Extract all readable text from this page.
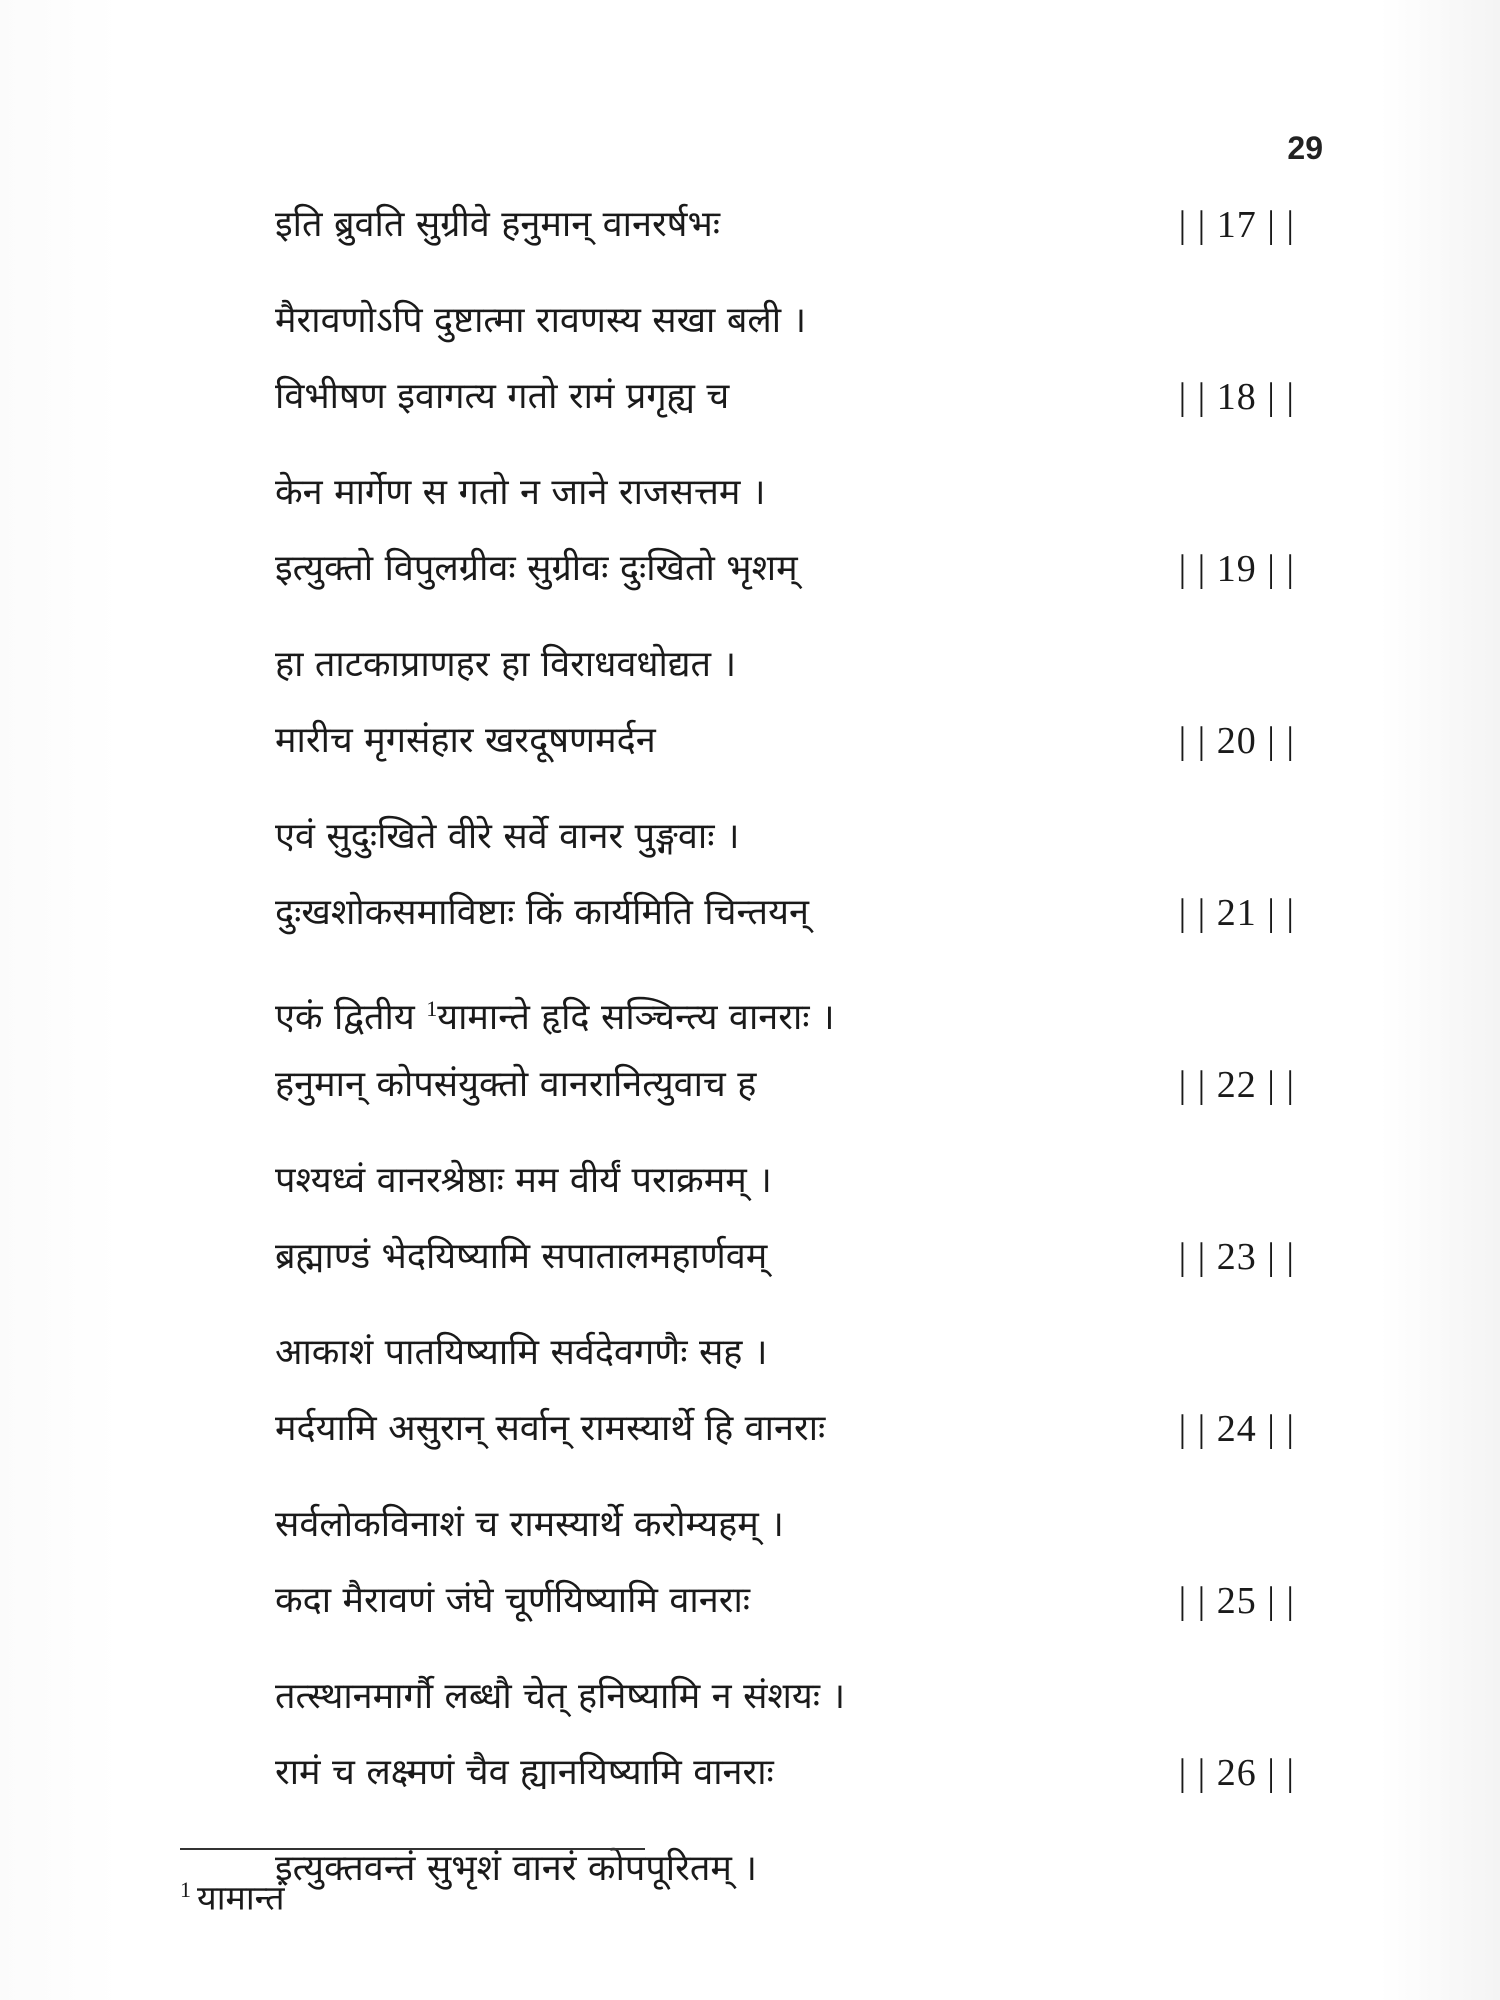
29
इति ब्रुवति सुग्रीवे हनुमान् वानरर्षभः	| | 17 | |
मैरावणोऽपि दुष्टात्मा रावणस्य सखा बली ।
विभीषण इवागत्य गतो रामं प्रगृह्य च	| | 18 | |
केन मार्गेण स गतो न जाने राजसत्तम ।
इत्युक्तो विपुलग्रीवः सुग्रीवः दुःखितो भृशम्	| | 19 | |
हा ताटकाप्राणहर हा विराधवधोद्यत ।
मारीच मृगसंहार खरदूषणमर्दन	| | 20 | |
एवं सुदुःखिते वीरे सर्वे वानर पुङ्गवाः ।
दुःखशोकसमाविष्टाः किं कार्यमिति चिन्तयन्	| | 21 | |
एकं द्वितीय $^1$यामान्ते हृदि सञ्चिन्त्य वानराः ।
हनुमान् कोपसंयुक्तो वानरानित्युवाच ह	| | 22 | |
पश्यध्वं वानरश्रेष्ठाः मम वीर्यं पराक्रमम् ।
ब्रह्माण्डं भेदयिष्यामि सपातालमहार्णवम्	| | 23 | |
आकाशं पातयिष्यामि सर्वदेवगणैः सह ।
मर्दयामि असुरान् सर्वान् रामस्यार्थे हि वानराः	| | 24 | |
सर्वलोकविनाशं च रामस्यार्थे करोम्यहम् ।
कदा मैरावणं जंघे चूर्णयिष्यामि वानराः	| | 25 | |
तत्स्थानमार्गौ लब्धौ चेत् हनिष्यामि न संशयः ।
रामं च लक्ष्मणं चैव ह्यानयिष्यामि वानराः	| | 26 | |
इत्युक्तवन्तं सुभृशं वानरं कोपपूरितम् ।
$^1$ यामान्तं
